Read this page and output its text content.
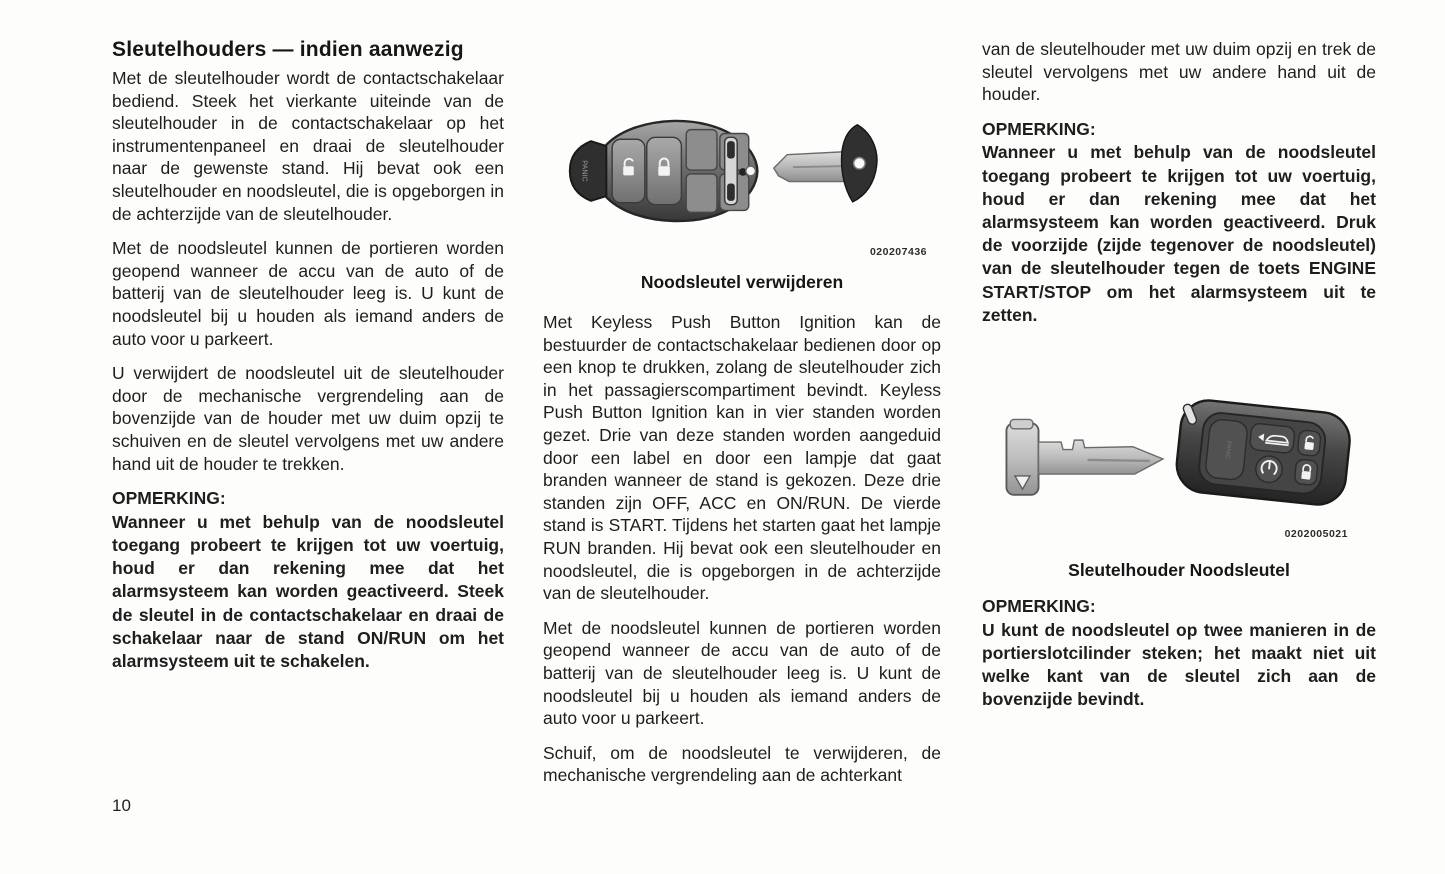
Sleutelhouders — indien aanwezig

Met de sleutelhouder wordt de contactschakelaar bediend. Steek het vierkante uiteinde van de sleutelhouder in de contactschakelaar op het instrumentenpaneel en draai de sleutelhouder naar de gewenste stand. Hij bevat ook een sleutelhouder en noodsleutel, die is opgeborgen in de achterzijde van de sleutelhouder.

Met de noodsleutel kunnen de portieren worden geopend wanneer de accu van de auto of de batterij van de sleutelhouder leeg is. U kunt de noodsleutel bij u houden als iemand anders de auto voor u parkeert.

U verwijdert de noodsleutel uit de sleutelhouder door de mechanische vergrendeling aan de bovenzijde van de houder met uw duim opzij te schuiven en de sleutel vervolgens met uw andere hand uit de houder te trekken.

OPMERKING:

Wanneer u met behulp van de noodsleutel toegang probeert te krijgen tot uw voertuig, houd er dan rekening mee dat het alarmsysteem kan worden geactiveerd. Steek de sleutel in de contactschakelaar en draai de schakelaar naar de stand ON/RUN om het alarmsysteem uit te schakelen.

PANIC
020207436
Noodsleutel verwijderen

Met Keyless Push Button Ignition kan de bestuurder de contactschakelaar bedienen door op een knop te drukken, zolang de sleutelhouder zich in het passagierscompartiment bevindt. Keyless Push Button Ignition kan in vier standen worden gezet. Drie van deze standen worden aangeduid door een label en door een lampje dat gaat branden wanneer de stand is gekozen. Deze drie standen zijn OFF, ACC en ON/RUN. De vierde stand is START. Tijdens het starten gaat het lampje RUN branden. Hij bevat ook een sleutelhouder en noodsleutel, die is opgeborgen in de achterzijde van de sleutelhouder.

Met de noodsleutel kunnen de portieren worden geopend wanneer de accu van de auto of de batterij van de sleutelhouder leeg is. U kunt de noodsleutel bij u houden als iemand anders de auto voor u parkeert.

Schuif, om de noodsleutel te verwijderen, de mechanische vergrendeling aan de achterkant

van de sleutelhouder met uw duim opzij en trek de sleutel vervolgens met uw andere hand uit de houder.

OPMERKING:

Wanneer u met behulp van de noodsleutel toegang probeert te krijgen tot uw voertuig, houd er dan rekening mee dat het alarmsysteem kan worden geactiveerd. Druk de voorzijde (zijde tegenover de noodsleutel) van de sleutelhouder tegen de toets ENGINE START/STOP om het alarmsysteem uit te zetten.

PANIC
0202005021
Sleutelhouder Noodsleutel

OPMERKING:

U kunt de noodsleutel op twee manieren in de portierslotcilinder steken; het maakt niet uit welke kant van de sleutel zich aan de bovenzijde bevindt.

10
